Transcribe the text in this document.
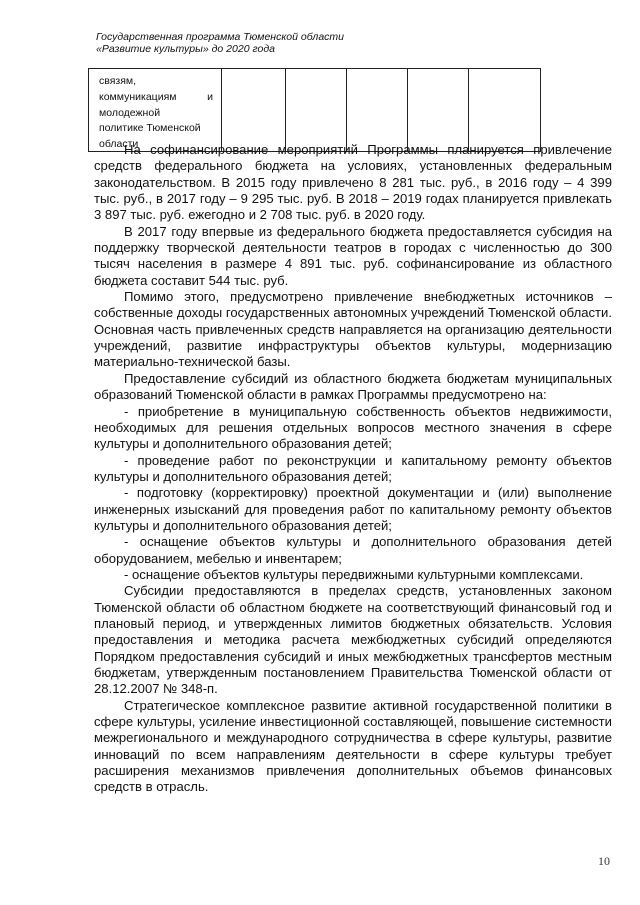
Государственная программа Тюменской области
«Развитие культуры» до 2020 года
связям,
коммуникациям	и
молодежной
политике Тюменской
области

На софинансирование мероприятий Программы планируется привлечение средств федерального бюджета на условиях, установленных федеральным законодательством. В 2015 году привлечено 8 281 тыс. руб., в 2016 году – 4 399 тыс. руб., в 2017 году – 9 295 тыс. руб. В 2018 – 2019 годах планируется привлекать 3 897 тыс. руб. ежегодно и 2 708 тыс. руб. в 2020 году.

В 2017 году впервые из федерального бюджета предоставляется субсидия на поддержку творческой деятельности театров в городах с численностью до 300 тысяч населения в размере 4 891 тыс. руб. софинансирование из областного бюджета составит 544 тыс. руб.

Помимо этого, предусмотрено привлечение внебюджетных источников – собственные доходы государственных автономных учреждений Тюменской области. Основная часть привлеченных средств направляется на организацию деятельности учреждений, развитие инфраструктуры объектов культуры, модернизацию материально-технической базы.

Предоставление субсидий из областного бюджета бюджетам муниципальных образований Тюменской области в рамках Программы предусмотрено на:

- приобретение в муниципальную собственность объектов недвижимости, необходимых для решения отдельных вопросов местного значения в сфере культуры и дополнительного образования детей;

- проведение работ по реконструкции и капитальному ремонту объектов культуры и дополнительного образования детей;

- подготовку (корректировку) проектной документации и (или) выполнение инженерных изысканий для проведения работ по капитальному ремонту объектов культуры и дополнительного образования детей;

- оснащение объектов культуры и дополнительного образования детей оборудованием, мебелью и инвентарем;

- оснащение объектов культуры передвижными культурными комплексами.

Субсидии предоставляются в пределах средств, установленных законом Тюменской области об областном бюджете на соответствующий финансовый год и плановый период, и утвержденных лимитов бюджетных обязательств. Условия предоставления и методика расчета межбюджетных субсидий определяются Порядком предоставления субсидий и иных межбюджетных трансфертов местным бюджетам, утвержденным постановлением Правительства Тюменской области от 28.12.2007 № 348-п.

Стратегическое комплексное развитие активной государственной политики в сфере культуры, усиление инвестиционной составляющей, повышение системности межрегионального и международного сотрудничества в сфере культуры, развитие инноваций по всем направлениям деятельности в сфере культуры требует расширения механизмов привлечения дополнительных объемов финансовых средств в отрасль.

10
